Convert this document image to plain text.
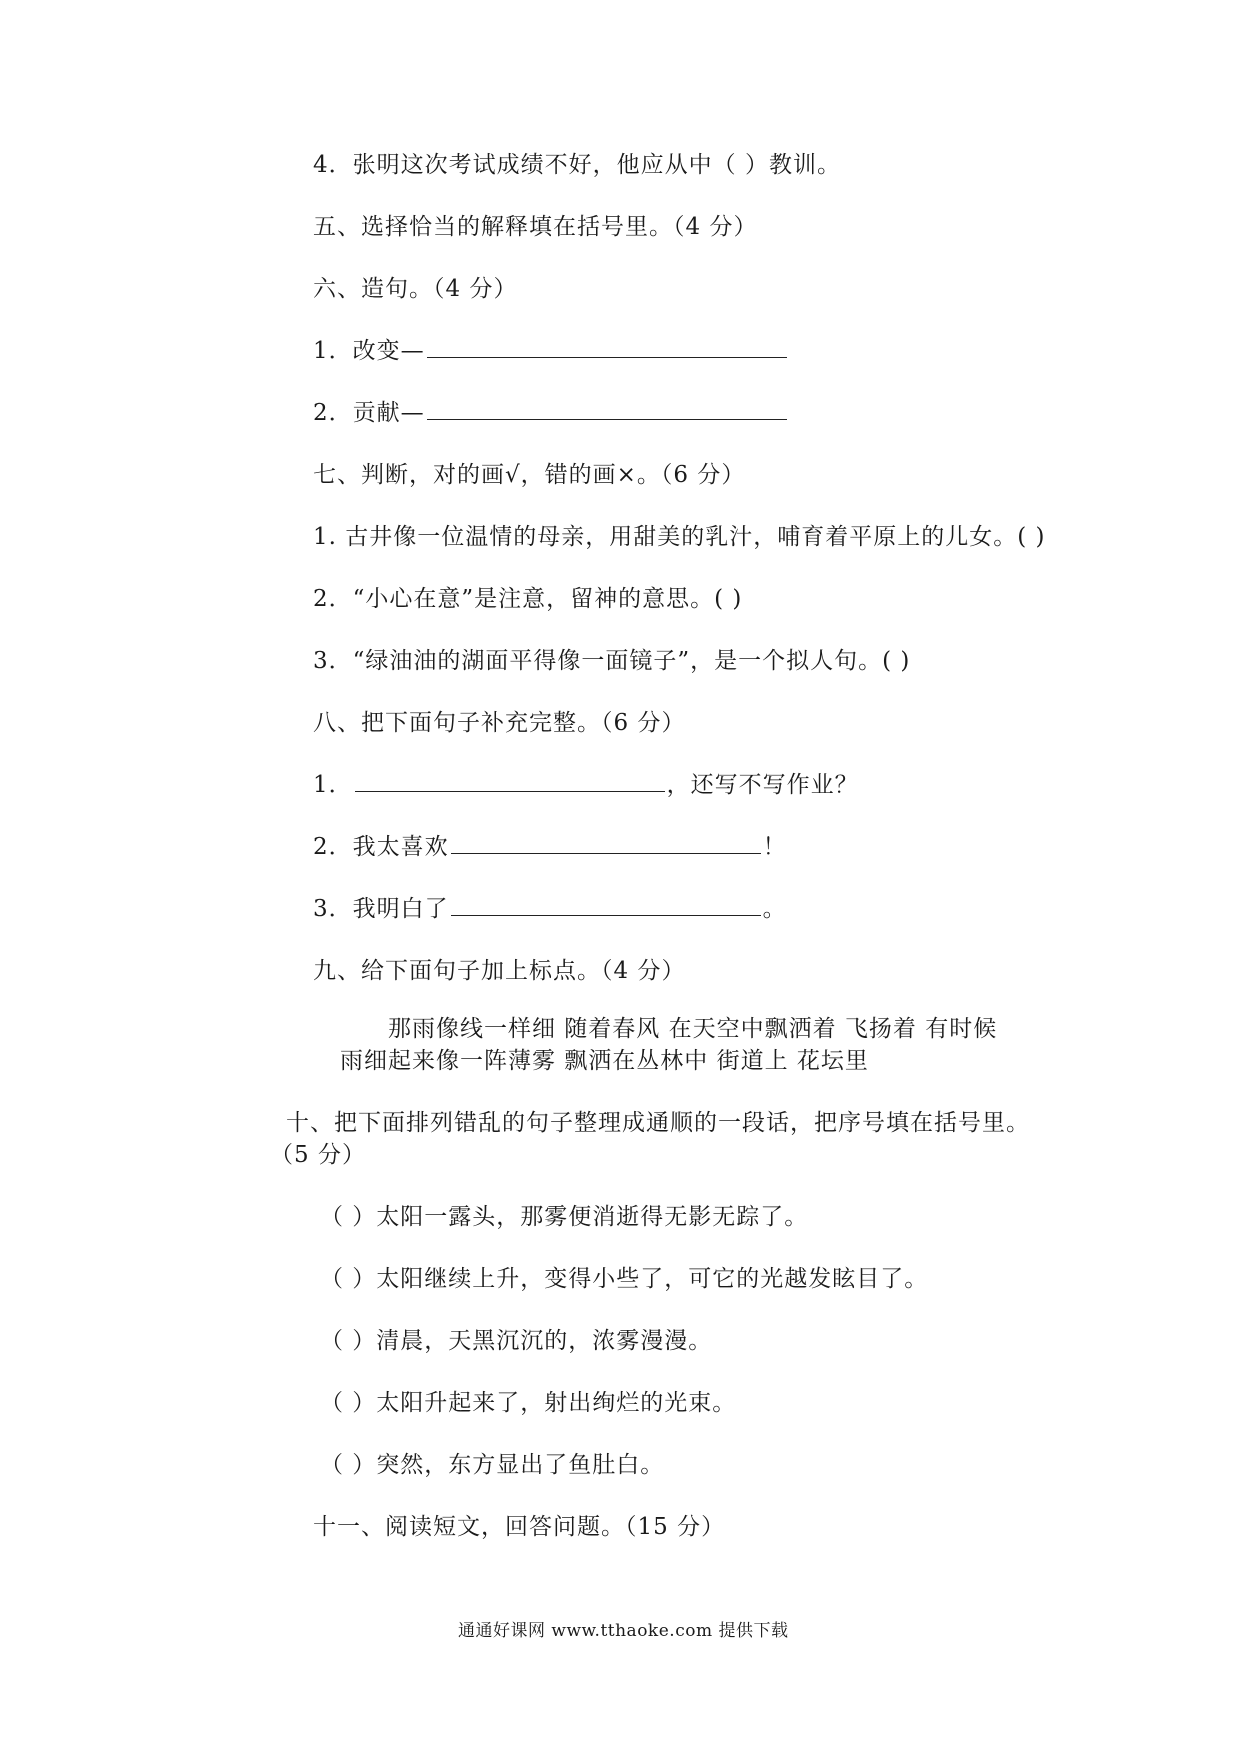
4．张明这次考试成绩不好，他应从中（ ）教训。
五、选择恰当的解释填在括号里。（4 分）
六、造句。（4 分）
1．改变—
2．贡献—
七、判断，对的画√，错的画×。（6 分）
1. 古井像一位温情的母亲，用甜美的乳汁，哺育着平原上的儿女。( )
2．“小心在意”是注意，留神的意思。( )
3．“绿油油的湖面平得像一面镜子”，是一个拟人句。( )
八、把下面句子补充完整。（6 分）
1．	，还写不写作业？
2．我太喜欢	！
3．我明白了	。
九、给下面句子加上标点。（4 分）
那雨像线一样细 随着春风 在天空中飘洒着 飞扬着 有时候
雨细起来像一阵薄雾 飘洒在丛林中 街道上 花坛里
十、把下面排列错乱的句子整理成通顺的一段话，把序号填在括号里。
（5 分）
（ ）太阳一露头，那雾便消逝得无影无踪了。
（ ）太阳继续上升，变得小些了，可它的光越发眩目了。
（ ）清晨，天黑沉沉的，浓雾漫漫。
（ ）太阳升起来了，射出绚烂的光束。
（ ）突然，东方显出了鱼肚白。
十一、阅读短文，回答问题。（15 分）
通通好课网 www.tthaoke.com 提供下载
